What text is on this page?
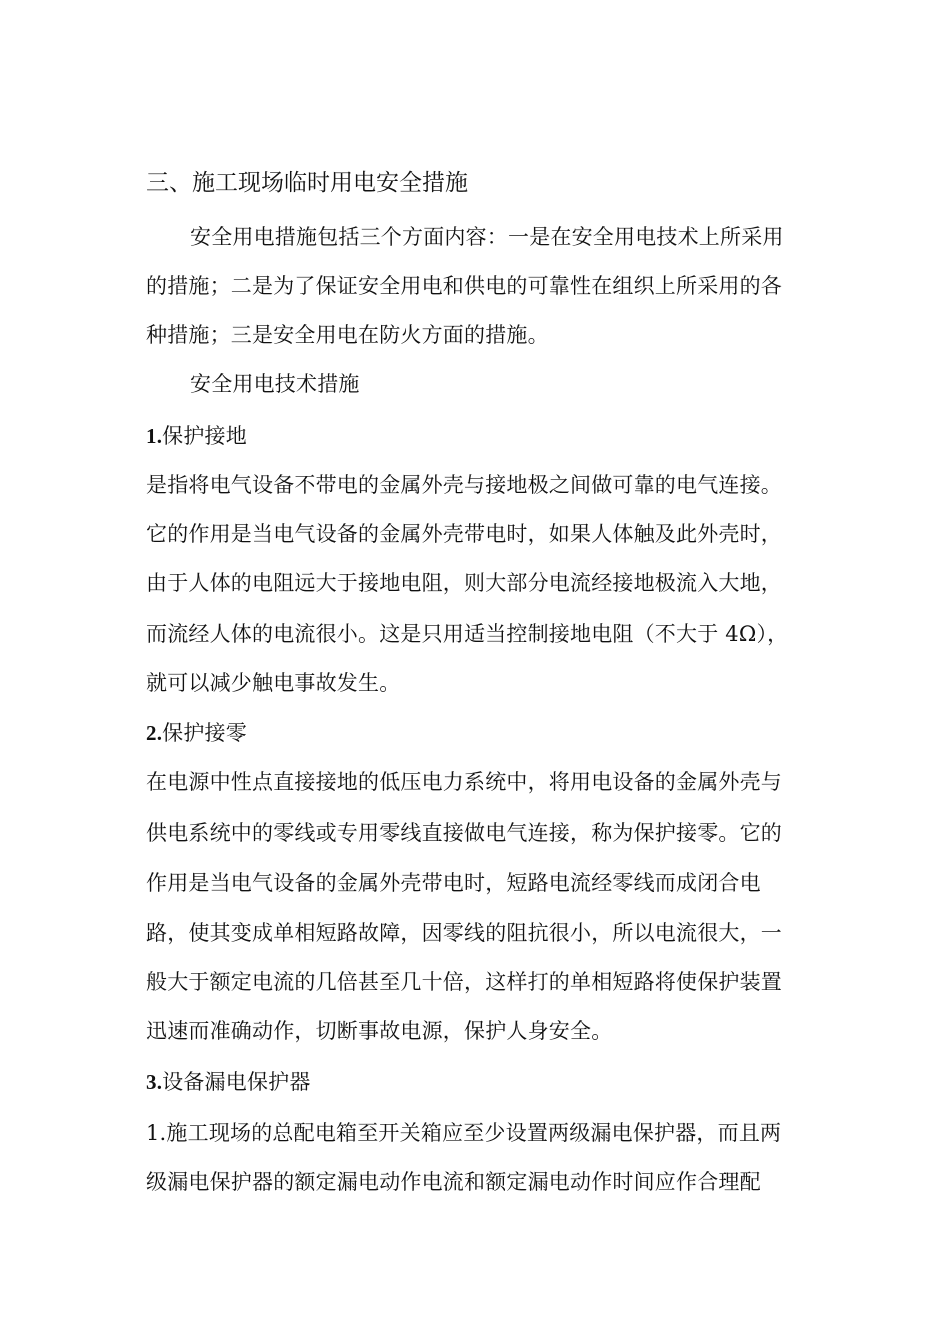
三、施工现场临时用电安全措施
安全用电措施包括三个方面内容：一是在安全用电技术上所采用
的措施；二是为了保证安全用电和供电的可靠性在组织上所采用的各
种措施；三是安全用电在防火方面的措施。
安全用电技术措施
1.保护接地
是指将电气设备不带电的金属外壳与接地极之间做可靠的电气连接。
它的作用是当电气设备的金属外壳带电时，如果人体触及此外壳时，
由于人体的电阻远大于接地电阻，则大部分电流经接地极流入大地，
而流经人体的电流很小。这是只用适当控制接地电阻（不大于 4Ω），
就可以减少触电事故发生。
2.保护接零
在电源中性点直接接地的低压电力系统中，将用电设备的金属外壳与
供电系统中的零线或专用零线直接做电气连接，称为保护接零。它的
作用是当电气设备的金属外壳带电时，短路电流经零线而成闭合电
路，使其变成单相短路故障，因零线的阻抗很小，所以电流很大，一
般大于额定电流的几倍甚至几十倍，这样打的单相短路将使保护装置
迅速而准确动作，切断事故电源，保护人身安全。
3.设备漏电保护器
1.施工现场的总配电箱至开关箱应至少设置两级漏电保护器，而且两
级漏电保护器的额定漏电动作电流和额定漏电动作时间应作合理配
